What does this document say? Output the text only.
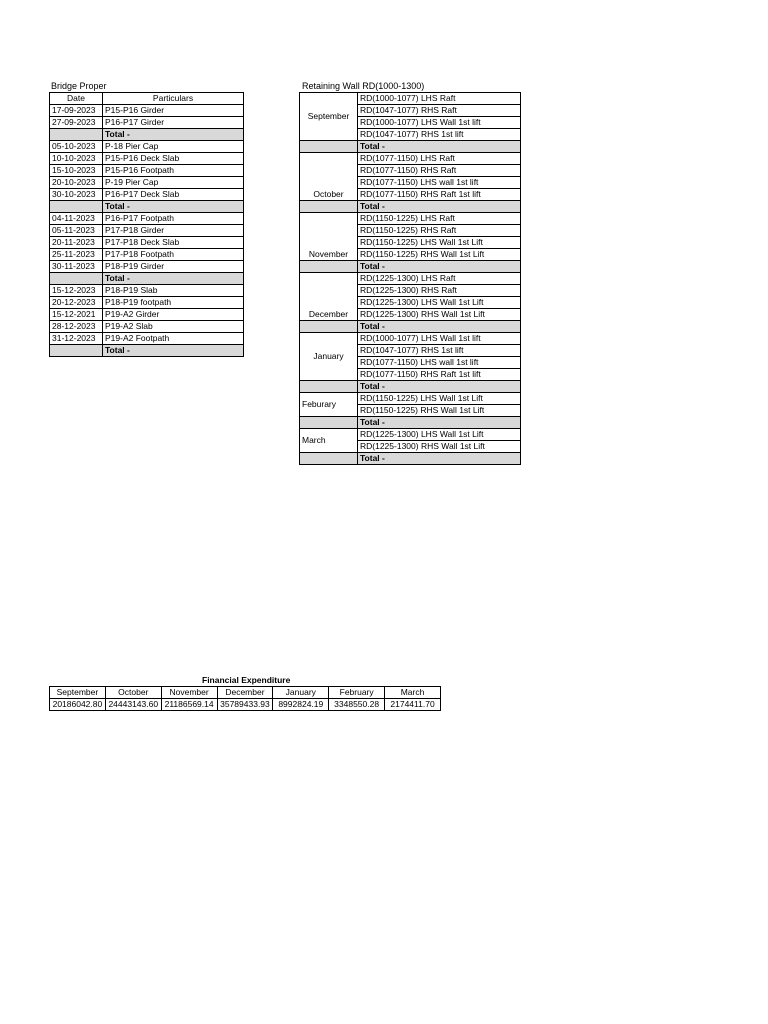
Bridge Proper
Date	Particulars
17-09-2023	P15-P16 Girder
27-09-2023	P16-P17 Girder
	Total -
05-10-2023	P-18 Pier Cap
10-10-2023	P15-P16 Deck Slab
15-10-2023	P15-P16 Footpath
20-10-2023	P-19 Pier Cap
30-10-2023	P16-P17 Deck Slab
	Total -
04-11-2023	P16-P17 Footpath
05-11-2023	P17-P18 Girder
20-11-2023	P17-P18 Deck Slab
25-11-2023	P17-P18 Footpath
30-11-2023	P18-P19 Girder
	Total -
15-12-2023	P18-P19 Slab
20-12-2023	P18-P19 footpath
15-12-2021	P19-A2 Girder
28-12-2023	P19-A2 Slab
31-12-2023	P19-A2 Footpath
	Total -
Retaining Wall RD(1000-1300)
September	RD(1000-1077) LHS Raft
	RD(1047-1077) RHS Raft
	RD(1000-1077) LHS Wall 1st lift
	RD(1047-1077) RHS 1st lift
	Total -
October	RD(1077-1150) LHS Raft
	RD(1077-1150) RHS Raft
	RD(1077-1150) LHS wall 1st lift
	RD(1077-1150) RHS Raft 1st lift
	Total -
November	RD(1150-1225) LHS Raft
	RD(1150-1225) RHS Raft
	RD(1150-1225) LHS Wall 1st Lift
	RD(1150-1225) RHS Wall 1st Lift
	Total -
December	RD(1225-1300) LHS Raft
	RD(1225-1300) RHS Raft
	RD(1225-1300) LHS Wall 1st Lift
	RD(1225-1300) RHS Wall 1st Lift
	Total -
January	RD(1000-1077) LHS Wall 1st lift
	RD(1047-1077) RHS 1st lift
	RD(1077-1150) LHS wall 1st lift
	RD(1077-1150) RHS Raft 1st lift
	Total -
Feburary	RD(1150-1225) LHS Wall 1st Lift
	RD(1150-1225) RHS Wall 1st Lift
	Total -
March	RD(1225-1300) LHS Wall 1st Lift
	RD(1225-1300) RHS Wall 1st Lift
	Total -
Financial Expenditure
September	October	November	December	January	February	March
20186042.80	24443143.60	21186569.14	35789433.93	8992824.19	3348550.28	2174411.70
